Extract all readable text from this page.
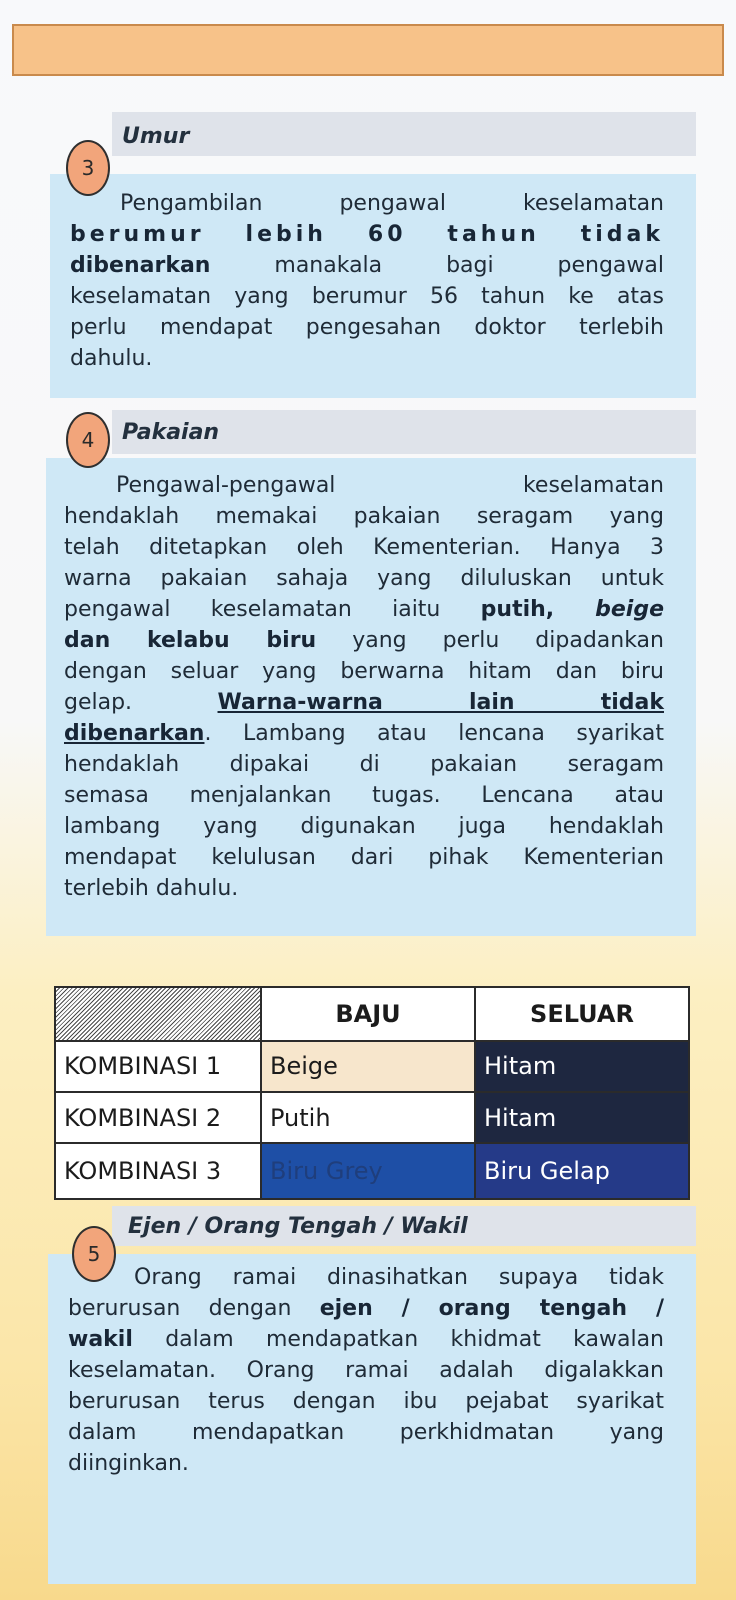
Umur

Pengambilan pengawal keselamatan

berumur lebih 60 tahun tidak

dibenarkan manakala bagi pengawal

keselamatan yang berumur 56 tahun ke atas

perlu mendapat pengesahan doktor terlebih

dahulu.

3
Pakaian

Pengawal-pengawal keselamatan

hendaklah memakai pakaian seragam yang

telah ditetapkan oleh Kementerian. Hanya 3

warna pakaian sahaja yang diluluskan untuk

pengawal keselamatan iaitu putih, beige

dan kelabu biru yang perlu dipadankan

dengan seluar yang berwarna hitam dan biru

gelap. Warna-warna lain tidak

dibenarkan. Lambang atau lencana syarikat

hendaklah dipakai di pakaian seragam

semasa menjalankan tugas. Lencana atau

lambang yang digunakan juga hendaklah

mendapat kelulusan dari pihak Kementerian

terlebih dahulu.

4
	BAJU	SELUAR
KOMBINASI 1	Beige	Hitam
KOMBINASI 2	Putih	Hitam
KOMBINASI 3	Biru Grey	Biru Gelap
Ejen / Orang Tengah / Wakil

Orang ramai dinasihatkan supaya tidak

berurusan dengan ejen / orang tengah /

wakil dalam mendapatkan khidmat kawalan

keselamatan. Orang ramai adalah digalakkan

berurusan terus dengan ibu pejabat syarikat

dalam mendapatkan perkhidmatan yang

diinginkan.

5
